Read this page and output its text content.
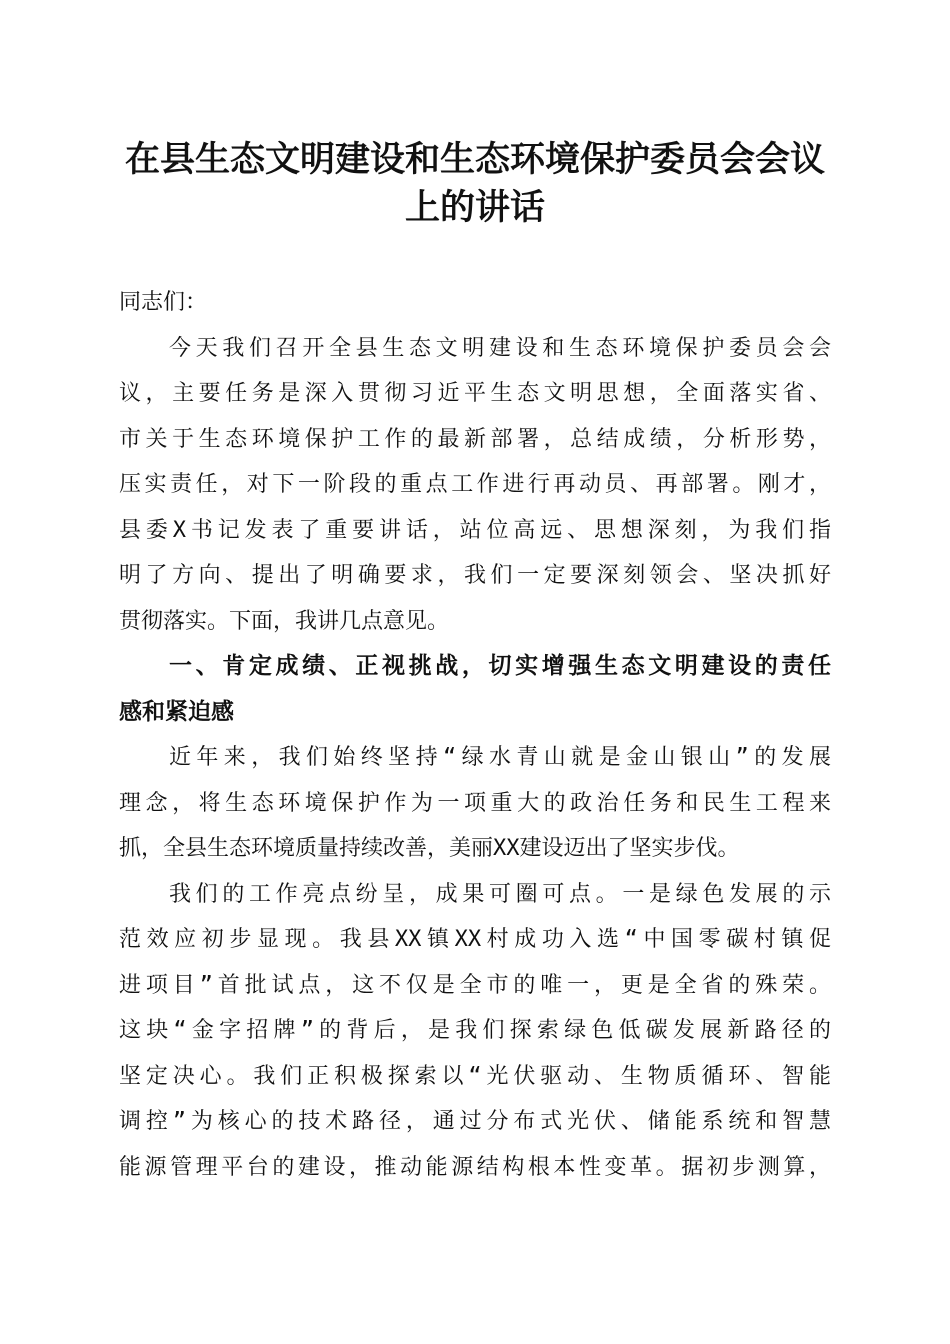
在县生态文明建设和生态环境保护委员会会议
上的讲话
同志们：
今天我们召开全县生态文明建设和生态环境保护委员会会
议，主要任务是深入贯彻习近平生态文明思想，全面落实省、
市关于生态环境保护工作的最新部署，总结成绩，分析形势，
压实责任，对下一阶段的重点工作进行再动员、再部署。刚才，
县委X书记发表了重要讲话，站位高远、思想深刻，为我们指
明了方向、提出了明确要求，我们一定要深刻领会、坚决抓好
贯彻落实。下面，我讲几点意见。
一、肯定成绩、正视挑战，切实增强生态文明建设的责任
感和紧迫感
近年来，我们始终坚持“绿水青山就是金山银山”的发展
理念，将生态环境保护作为一项重大的政治任务和民生工程来
抓，全县生态环境质量持续改善，美丽XX建设迈出了坚实步伐。
我们的工作亮点纷呈，成果可圈可点。一是绿色发展的示
范效应初步显现。我县XX镇XX村成功入选“中国零碳村镇促
进项目”首批试点，这不仅是全市的唯一，更是全省的殊荣。
这块“金字招牌”的背后，是我们探索绿色低碳发展新路径的
坚定决心。我们正积极探索以“光伏驱动、生物质循环、智能
调控”为核心的技术路径，通过分布式光伏、储能系统和智慧
能源管理平台的建设，推动能源结构根本性变革。据初步测算，
